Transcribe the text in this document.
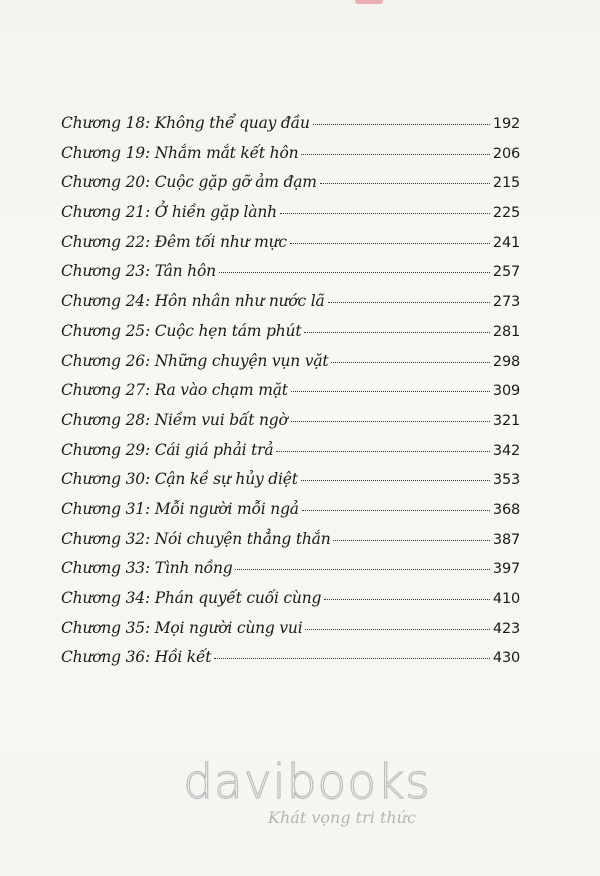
Chương
18 : Không thể quay đầu	192
Chương
19 : Nhắm mắt kết hôn	206
Chương
20 : Cuộc gặp gỡ ảm đạm	215
Chương
21 : Ở hiền gặp lành	225
Chương
22 : Đêm tối như mực	241
Chương
23 : Tân hôn	257
Chương
24 : Hôn nhân như nước lã	273
Chương
25 : Cuộc hẹn tám phút	281
Chương
26 : Những chuyện vụn vặt	298
Chương
27 : Ra vào chạm mặt	309
Chương
28 : Niềm vui bất ngờ	321
Chương
29 : Cái giá phải trả	342
Chương
30 : Cận kề sự hủy diệt	353
Chương
31 : Mỗi người mỗi ngả	368
Chương
32 : Nói chuyện thẳng thắn	387
Chương
33 : Tình nồng	397
Chương
34 : Phán quyết cuối cùng	410
Chương
35 : Mọi người cùng vui	423
Chương
36 : Hồi kết	430
davibooks
Khát vọng tri thức
